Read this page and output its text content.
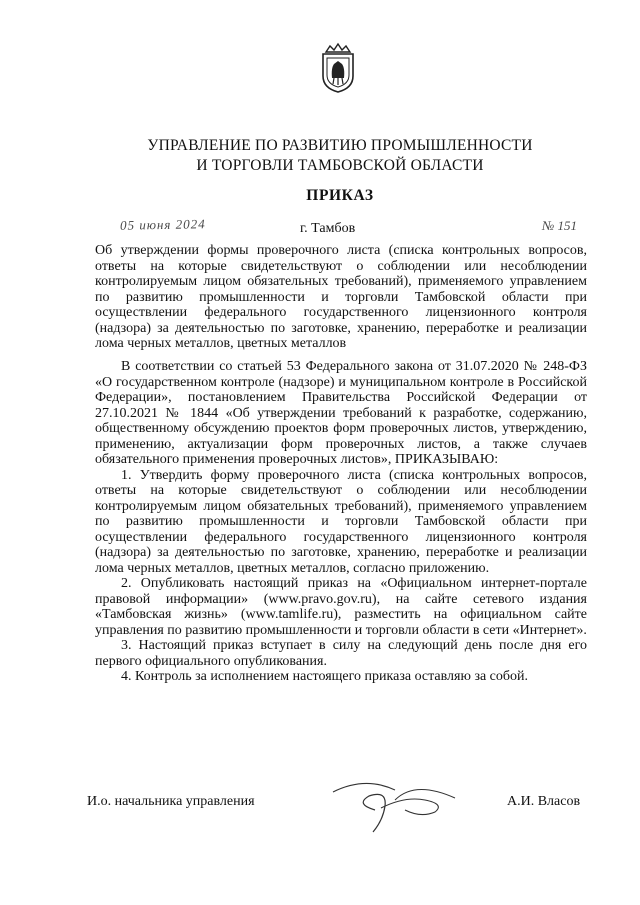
УПРАВЛЕНИЕ ПО РАЗВИТИЮ ПРОМЫШЛЕННОСТИ
И ТОРГОВЛИ ТАМБОВСКОЙ ОБЛАСТИ
ПРИКАЗ
05 июня 2024	г. Тамбов	№ 151
Об утверждении формы проверочного листа (списка контрольных вопросов, ответы на которые свидетельствуют о соблюдении или несоблюдении контролируемым лицом обязательных требований), применяемого управлением по развитию промышленности и торговли Тамбовской области при осуществлении федерального государственного лицензионного контроля (надзора) за деятельностью по заготовке, хранению, переработке и реализации лома черных металлов, цветных металлов

В соответствии со статьей 53 Федерального закона от 31.07.2020 № 248-ФЗ «О государственном контроле (надзоре) и муниципальном контроле в Российской Федерации», постановлением Правительства Российской Федерации от 27.10.2021 № 1844 «Об утверждении требований к разработке, содержанию, общественному обсуждению проектов форм проверочных листов, утверждению, применению, актуализации форм проверочных листов, а также случаев обязательного применения проверочных листов», ПРИКАЗЫВАЮ:

1. Утвердить форму проверочного листа (списка контрольных вопросов, ответы на которые свидетельствуют о соблюдении или несоблюдении контролируемым лицом обязательных требований), применяемого управлением по развитию промышленности и торговли Тамбовской области при осуществлении федерального государственного лицензионного контроля (надзора) за деятельностью по заготовке, хранению, переработке и реализации лома черных металлов, цветных металлов, согласно приложению.

2. Опубликовать настоящий приказ на «Официальном интернет-портале правовой информации» (www.pravo.gov.ru), на сайте сетевого издания «Тамбовская жизнь» (www.tamlife.ru), разместить на официальном сайте управления по развитию промышленности и торговли области в сети «Интернет».

3. Настоящий приказ вступает в силу на следующий день после дня его первого официального опубликования.

4. Контроль за исполнением настоящего приказа оставляю за собой.

И.о. начальника управления	А.И. Власов
